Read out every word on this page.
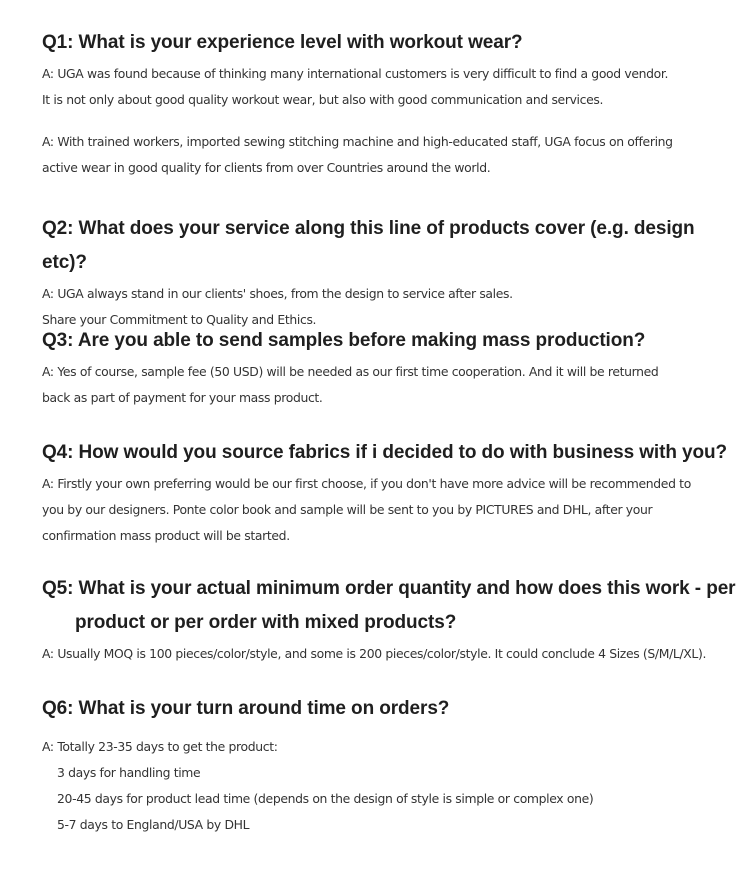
Q1: What is your experience level with workout wear?

A: UGA was found because of thinking many international customers is very difficult to find a good vendor.
It is not only about good quality workout wear, but also with good communication and services.

A: With trained workers, imported sewing stitching machine and high-educated staff, UGA focus on offering
active wear in good quality for clients from over Countries around the world.

Q2: What does your service along this line of products cover (e.g. design etc)?

A: UGA always stand in our clients' shoes, from the design to service after sales.
Share your Commitment to Quality and Ethics.

Q3: Are you able to send samples before making mass production?

A: Yes of course, sample fee (50 USD) will be needed as our first time cooperation. And it will be returned
back as part of payment for your mass product.

Q4: How would you source fabrics if i decided to do with business with you?

A: Firstly your own preferring would be our first choose, if you don't have more advice will be recommended to
you by our designers. Ponte color book and sample will be sent to you by PICTURES and DHL, after your
confirmation mass product will be started.

Q5: What is your actual minimum order quantity and how does this work - per
product or per order with mixed products?

A: Usually MOQ is 100 pieces/color/style, and some is 200 pieces/color/style. It could conclude 4 Sizes (S/M/L/XL).

Q6: What is your turn around time on orders?

A: Totally 23-35 days to get the product:
3 days for handling time
20-45 days for product lead time (depends on the design of style is simple or complex one)
5-7 days to England/USA by DHL
